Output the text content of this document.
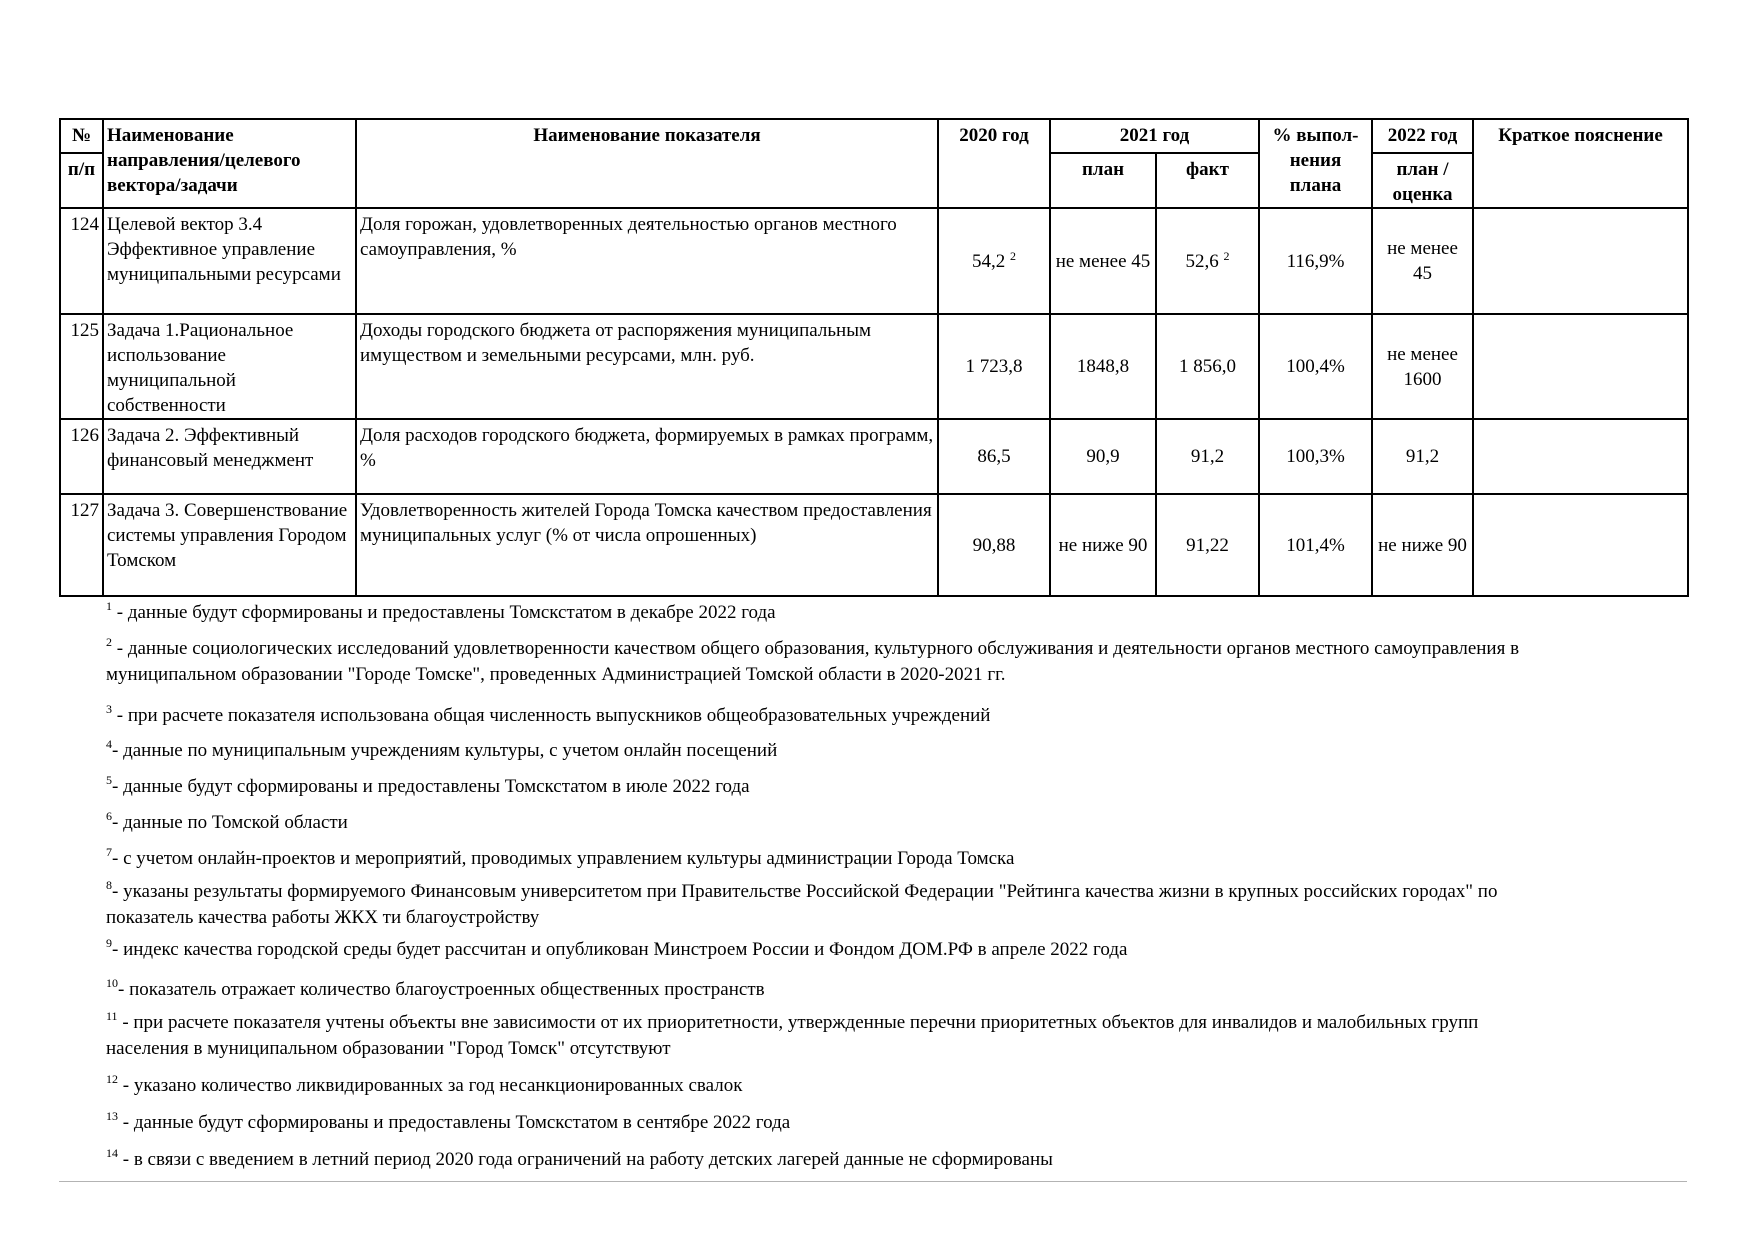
№	Наименование направления/целевого вектора/задачи	Наименование показателя	2020 год	2021 год		% выпол-нения плана	2022 год	Краткое пояснение
п/п				план	факт		план / оценка	
124	Целевой вектор 3.4 Эффективное управление муниципальными ресурсами	Доля горожан, удовлетворенных деятельностью органов местного самоуправления, %	54,2 $^2$	не менее 45	52,6 $^2$	116,9%	не менее 45	
125	Задача 1.Рациональное использование муниципальной собственности	Доходы городского бюджета от распоряжения муниципальным имуществом и земельными ресурсами, млн. руб.	1 723,8	1848,8	1 856,0	100,4%	не менее 1600	
126	Задача 2. Эффективный финансовый менеджмент	Доля расходов городского бюджета, формируемых в рамках программ, %	86,5	90,9	91,2	100,3%	91,2	
127	Задача 3. Совершенствование системы управления Городом Томском	Удовлетворенность жителей Города Томска качеством предоставления муниципальных услуг (% от числа опрошенных)	90,88	не ниже 90	91,22	101,4%	не ниже 90	

$^1$ - данные будут сформированы и предоставлены Томскстатом в декабре 2022 года

$^2$ - данные социологических исследований удовлетворенности качеством общего образования, культурного обслуживания и деятельности органов местного самоуправления в муниципальном образовании "Городе Томске", проведенных Администрацией Томской области в 2020-2021 гг.

$^3$ - при расчете показателя использована общая численность выпускников общеобразовательных учреждений

$^4$- данные по муниципальным учреждениям культуры, с учетом онлайн посещений

$^5$- данные будут сформированы и предоставлены Томскстатом в июле 2022 года

$^6$- данные по Томской области

$^7$- с учетом онлайн-проектов и мероприятий, проводимых управлением культуры администрации Города Томска

$^8$- указаны результаты формируемого Финансовым университетом при Правительстве Российской Федерации "Рейтинга качества жизни в крупных российских городах" по показатель качества работы ЖКХ ти благоустройству

$^9$- индекс качества городской среды будет рассчитан и опубликован Минстроем России и Фондом ДОМ.РФ в апреле 2022 года

$^{10}$- показатель отражает количество благоустроенных общественных пространств

$^{11}$ - при расчете показателя учтены объекты вне зависимости от их приоритетности, утвержденные перечни приоритетных объектов для инвалидов и малобильных групп населения в муниципальном образовании "Город Томск" отсутствуют

$^{12}$ - указано количество ликвидированных за год несанкционированных свалок

$^{13}$ - данные будут сформированы и предоставлены Томскстатом в сентябре 2022 года

$^{14}$ - в связи с введением в летний период 2020 года ограничений на работу детских лагерей данные не сформированы
